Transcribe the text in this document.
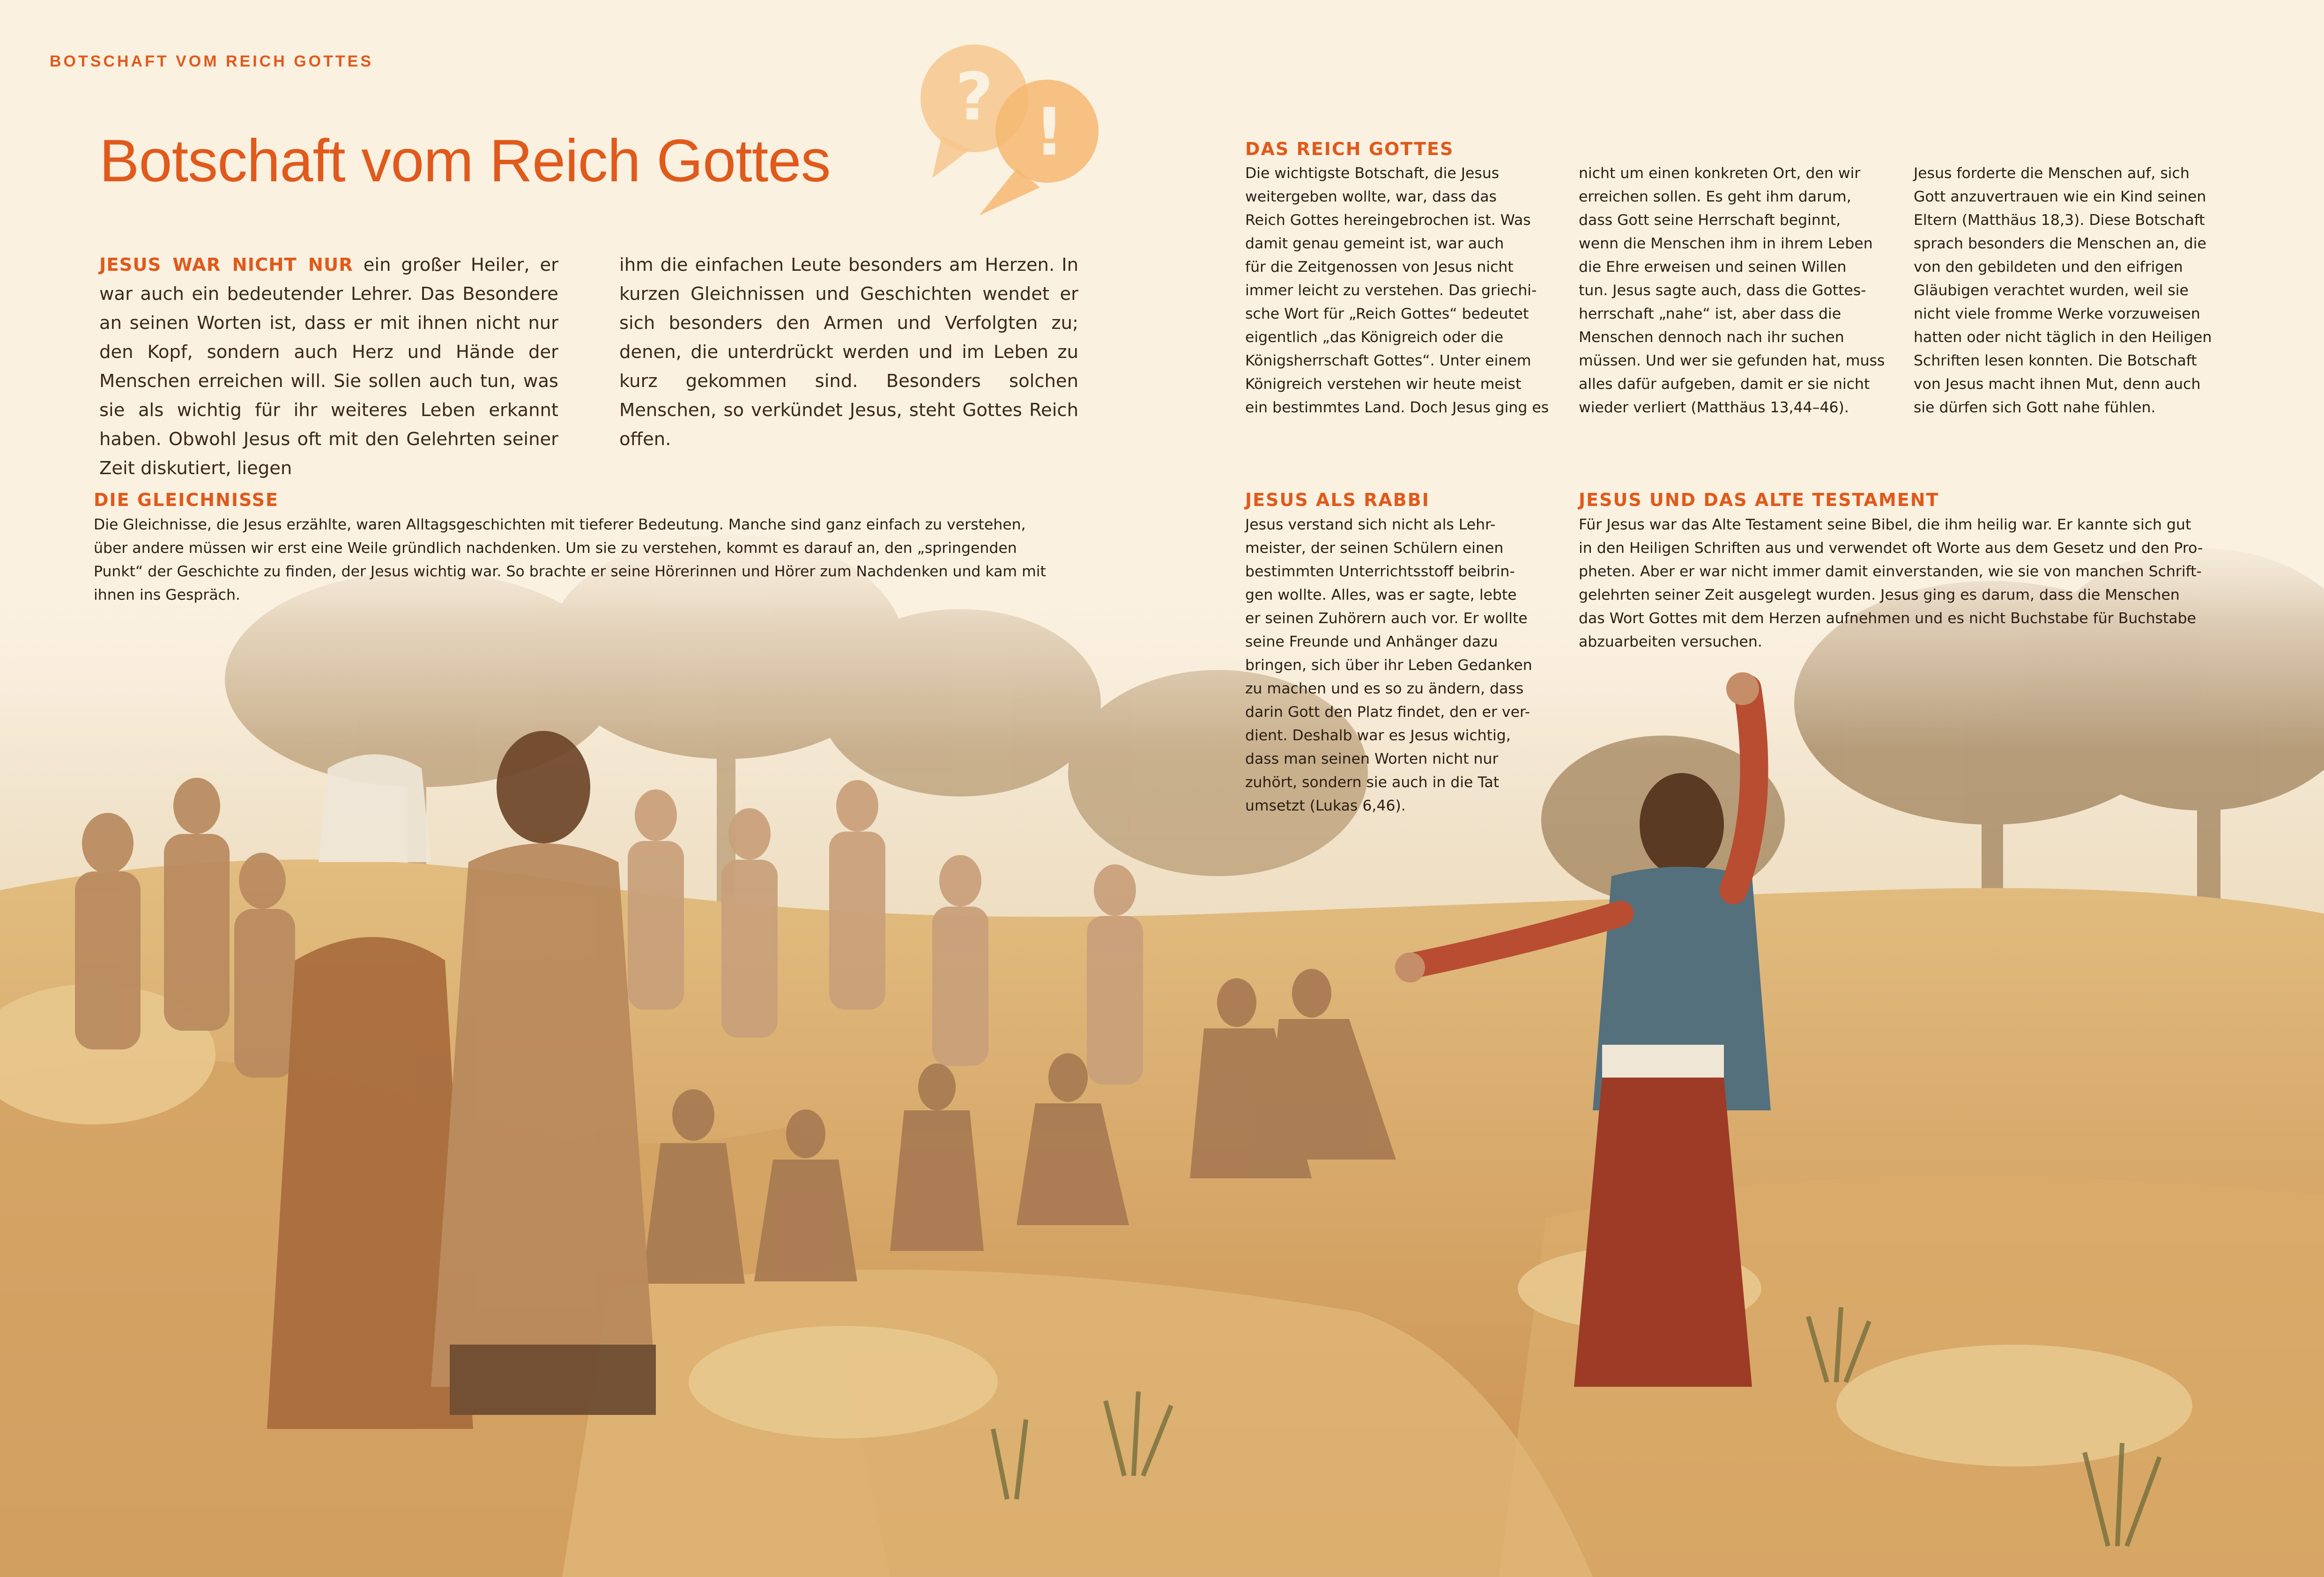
? !
BOTSCHAFT VOM REICH GOTTES
Botschaft vom Reich Gottes
JESUS WAR NICHT NUR ein großer Heiler, er war auch ein bedeutender Lehrer. Das Besondere an seinen Worten ist, dass er mit ihnen nicht nur den Kopf, sondern auch Herz und Hände der Menschen erreichen will. Sie sollen auch tun, was sie als wichtig für ihr weiteres Leben erkannt haben. Obwohl Jesus oft mit den Gelehrten seiner Zeit diskutiert, liegen
ihm die einfachen Leute besonders am Herzen. In kurzen Gleichnissen und Geschichten wendet er sich besonders den Armen und Verfolgten zu; denen, die unterdrückt werden und im Leben zu kurz gekommen sind. Besonders solchen Menschen, so verkündet Jesus, steht Gottes Reich offen.
DIE GLEICHNISSE

Die Gleichnisse, die Jesus erzählte, waren Alltagsgeschichten mit tieferer Bedeutung. Manche sind ganz einfach zu verstehen,

über andere müssen wir erst eine Weile gründlich nachdenken. Um sie zu verstehen, kommt es darauf an, den „springenden

Punkt“ der Geschichte zu finden, der Jesus wichtig war. So brachte er seine Hörerinnen und Hörer zum Nachdenken und kam mit

ihnen ins Gespräch.

DAS REICH GOTTES

Die wichtigste Botschaft, die Jesus

weitergeben wollte, war, dass das

Reich Gottes hereingebrochen ist. Was

damit genau gemeint ist, war auch

für die Zeitgenossen von Jesus nicht

immer leicht zu verstehen. Das griechi-

sche Wort für „Reich Gottes“ bedeutet

eigentlich „das Königreich oder die

Königsherrschaft Gottes“. Unter einem

Königreich verstehen wir heute meist

ein bestimmtes Land. Doch Jesus ging es

nicht um einen konkreten Ort, den wir

erreichen sollen. Es geht ihm darum,

dass Gott seine Herrschaft beginnt,

wenn die Menschen ihm in ihrem Leben

die Ehre erweisen und seinen Willen

tun. Jesus sagte auch, dass die Gottes-

herrschaft „nahe“ ist, aber dass die

Menschen dennoch nach ihr suchen

müssen. Und wer sie gefunden hat, muss

alles dafür aufgeben, damit er sie nicht

wieder verliert (Matthäus 13,44–46).

Jesus forderte die Menschen auf, sich

Gott anzuvertrauen wie ein Kind seinen

Eltern (Matthäus 18,3). Diese Botschaft

sprach besonders die Menschen an, die

von den gebildeten und den eifrigen

Gläubigen verachtet wurden, weil sie

nicht viele fromme Werke vorzuweisen

hatten oder nicht täglich in den Heiligen

Schriften lesen konnten. Die Botschaft

von Jesus macht ihnen Mut, denn auch

sie dürfen sich Gott nahe fühlen.

JESUS ALS RABBI

Jesus verstand sich nicht als Lehr-

meister, der seinen Schülern einen

bestimmten Unterrichtsstoff beibrin-

gen wollte. Alles, was er sagte, lebte

er seinen Zuhörern auch vor. Er wollte

seine Freunde und Anhänger dazu

bringen, sich über ihr Leben Gedanken

zu machen und es so zu ändern, dass

darin Gott den Platz findet, den er ver-

dient. Deshalb war es Jesus wichtig,

dass man seinen Worten nicht nur

zuhört, sondern sie auch in die Tat

umsetzt (Lukas 6,46).

JESUS UND DAS ALTE TESTAMENT

Für Jesus war das Alte Testament seine Bibel, die ihm heilig war. Er kannte sich gut

in den Heiligen Schriften aus und verwendet oft Worte aus dem Gesetz und den Pro-

pheten. Aber er war nicht immer damit einverstanden, wie sie von manchen Schrift-

gelehrten seiner Zeit ausgelegt wurden. Jesus ging es darum, dass die Menschen

das Wort Gottes mit dem Herzen aufnehmen und es nicht Buchstabe für Buchstabe

abzuarbeiten versuchen.
